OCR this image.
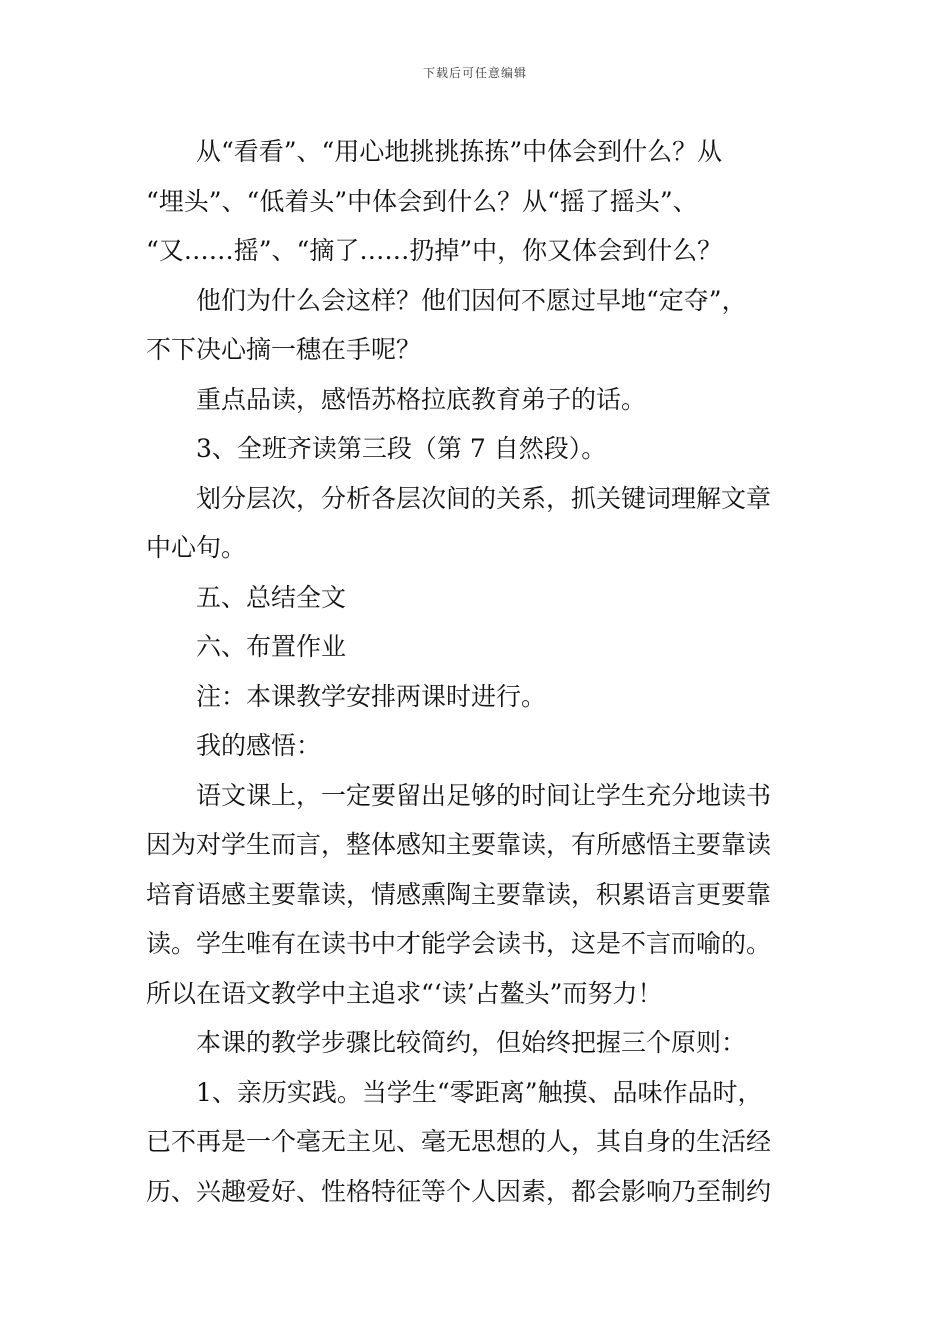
下载后可任意编辑
从“看看”、“用心地挑挑拣拣”中体会到什么？从
“埋头”、“低着头”中体会到什么？从“摇了摇头”、
“又……摇”、“摘了……扔掉”中，你又体会到什么？
他们为什么会这样？他们因何不愿过早地“定夺”，
不下决心摘一穗在手呢？
重点品读，感悟苏格拉底教育弟子的话。
3、全班齐读第三段（第 7 自然段）。
划分层次，分析各层次间的关系，抓关键词理解文章
中心句。
五、总结全文
六、布置作业
注：本课教学安排两课时进行。
我的感悟：
语文课上，一定要留出足够的时间让学生充分地读书
因为对学生而言，整体感知主要靠读，有所感悟主要靠读
培育语感主要靠读，情感熏陶主要靠读，积累语言更要靠
读。学生唯有在读书中才能学会读书，这是不言而喻的。
所以在语文教学中主追求“‘读’占鳌头”而努力！
本课的教学步骤比较简约，但始终把握三个原则：
1、亲历实践。当学生“零距离”触摸、品味作品时，
已不再是一个毫无主见、毫无思想的人，其自身的生活经
历、兴趣爱好、性格特征等个人因素，都会影响乃至制约
